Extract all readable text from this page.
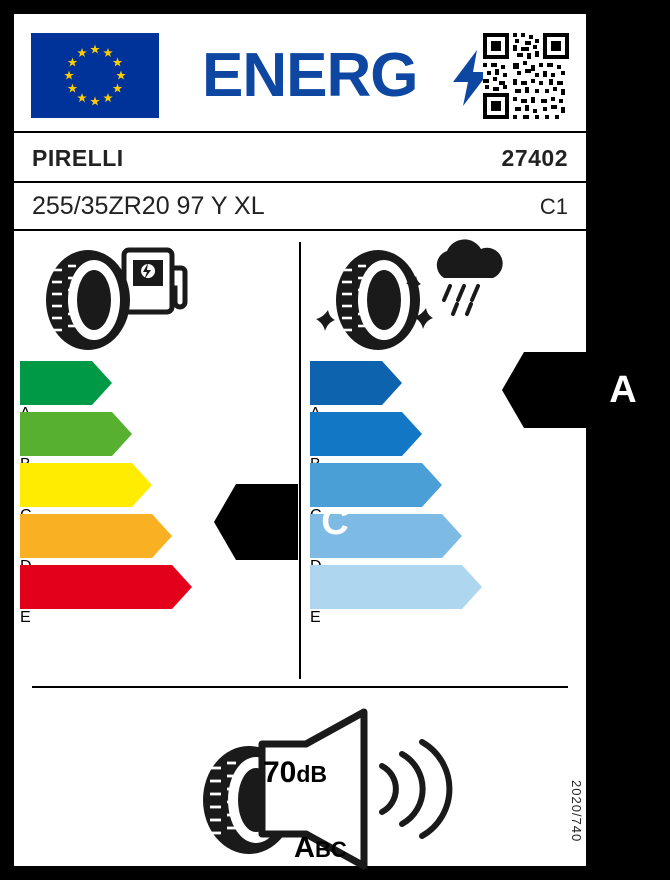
ENERG
PIRELLI	27402
255/35ZR20 97 Y XL	C1
E
C
E
A
70dB
ABC
2020/740
